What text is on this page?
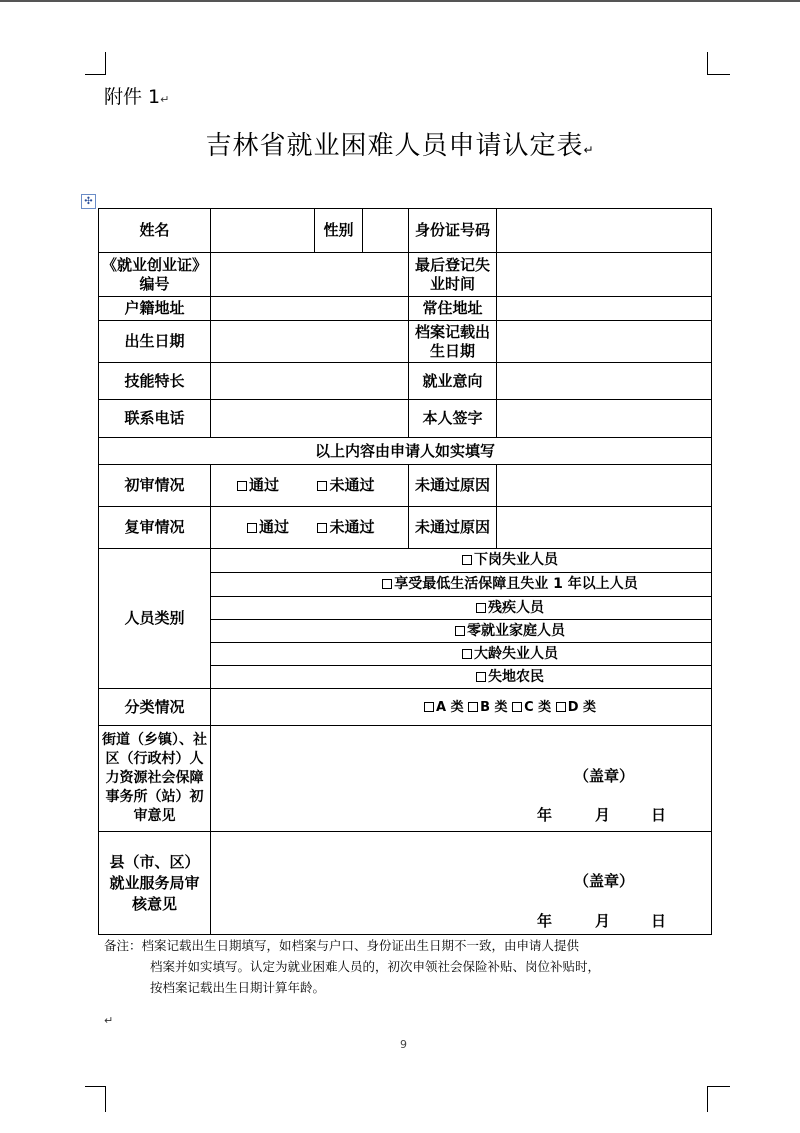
附件 1↵
吉林省就业困难人员申请认定表↵
✣
姓名		性别		身份证号码	
《就业创业证》编号				最后登记失业时间	
户籍地址				常住地址	
出生日期				档案记载出生日期	
技能特长				就业意向	
联系电话				本人签字	
以上内容由申请人如实填写					
初审情况	通过 未通过			未通过原因	
复审情况	通过 未通过			未通过原因	
人员类别	下岗失业人员				
	享受最低生活保障且失业 1 年以上人员				
	残疾人员				
	零就业家庭人员				
	大龄失业人员				
	失地农民				
分类情况	A 类 B 类 C 类 D 类				
街道（乡镇）、社区（行政村）人力资源社会保障事务所（站）初审意见	（盖章）
年 月 日				

县（市、区）就业服务局审核意见	（盖章）
年 月 日				
备注：档案记载出生日期填写，如档案与户口、身份证出生日期不一致，由申请人提供
档案并如实填写。认定为就业困难人员的，初次申领社会保险补贴、岗位补贴时，
按档案记载出生日期计算年龄。
↵
9
